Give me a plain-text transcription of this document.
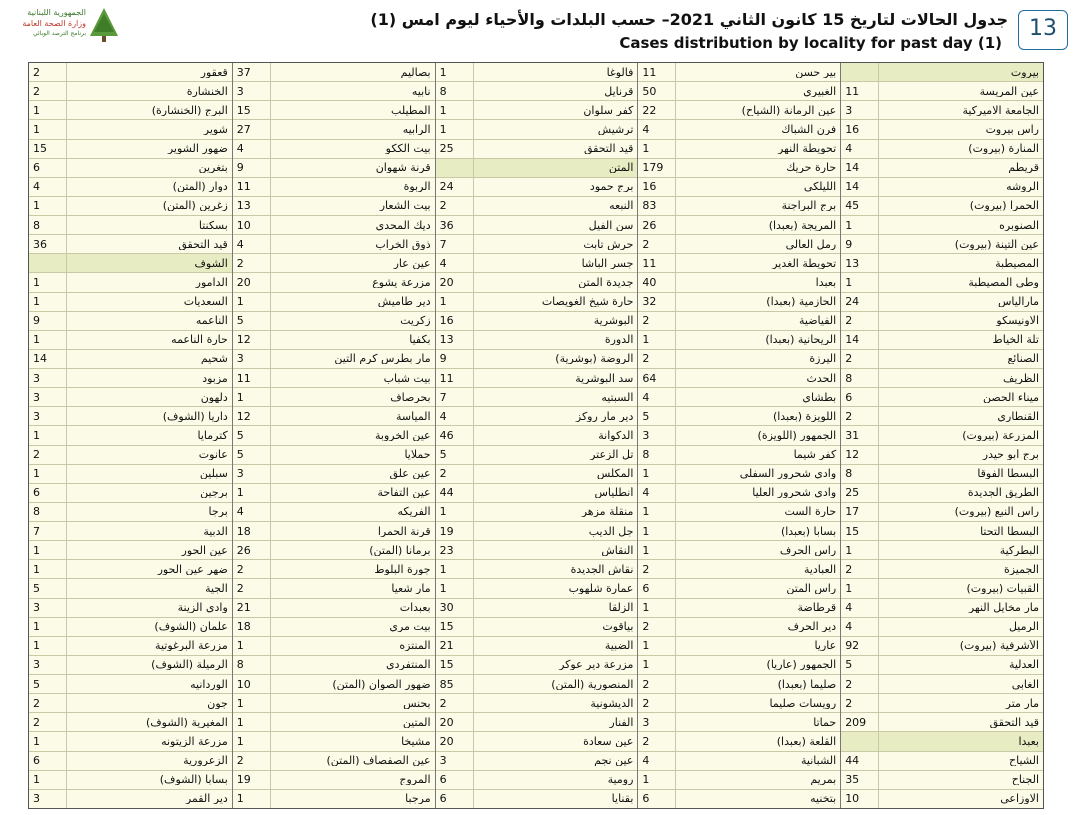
الجمهورية اللبنانية
وزارة الصحة العامة
برنامج الترصد الوبائي
جدول الحالات لتاريخ 15 كانون الثاني 2021– حسب البلدات والأحياء ليوم امس (1)
Cases distribution by locality for past day (1)
13
قعقور
2
الخنشارة
2
البرج (الخنشارة)
1
شوير
1
ضهور الشوير
15
بتغرين
6
دوار (المتن)
4
زغرين (المتن)
1
بسكنتا
8
قيد التحقق
36
الشوف
الدامور
1
السعديات
1
الناعمه
9
حارة الناعمه
1
شحيم
14
مزبود
3
دلهون
3
داريا (الشوف)
3
كترمايا
1
عانوت
2
سبلين
1
برجين
6
برجا
8
الدبية
7
عين الحور
1
ضهر عين الحور
1
الجية
5
وادي الزينة
3
علمان (الشوف)
1
مزرعة البرغوتية
1
الرميلة (الشوف)
3
الوردانيه
5
جون
2
المغيرية (الشوف)
2
مزرعة الزيتونه
1
الزعرورية
6
بسابا (الشوف)
1
دير القمر
3
بصاليم
37
نابيه
3
المطيلب
15
الرابيه
27
بيت الككو
4
قرنة شهوان
9
الربوة
11
بيت الشعار
13
ديك المحدي
10
ذوق الخراب
4
عين عار
2
مزرعة يشوع
20
دير طاميش
1
زكريت
5
بكفيا
12
مار بطرس كرم التين
3
بيت شباب
11
بحرصاف
1
المياسة
12
عين الخروبة
5
حملايا
5
عين علق
3
عين التفاحة
1
الفريكه
4
قرنة الحمرا
18
برمانا (المتن)
26
جورة البلوط
2
مار شعيا
2
بعبدات
21
بيت مري
18
المنتزه
1
المنتفردي
8
ضهور الصوان (المتن)
10
بحنس
1
المتين
1
مشيخا
1
عين الصفصاف (المتن)
2
المروج
19
مرجبا
1
فالوغا
1
قرنايل
8
كفر سلوان
1
ترشيش
1
قيد التحقق
25
المتن
برج حمود
24
النبعه
2
سن الفيل
36
حرش تابت
7
جسر الباشا
4
جديدة المتن
20
حارة شيخ الغويصات
1
البوشرية
16
الدورة
13
الروضة (بوشرية)
9
سد البوشرية
11
السبتيه
7
دير مار روكز
4
الدكوانة
46
تل الزعتر
5
المكلس
2
أنطلياس
44
منقلة مزهر
1
جل الديب
19
النقاش
23
نقاش الجديدة
1
عمارة شلهوب
1
الزلقا
30
بياقوت
15
الضبية
21
مزرعة دير عوكر
15
المنصورية (المتن)
85
الديشونية
2
الفنار
20
عين سعادة
20
عين نجم
3
رومية
6
بقنايا
6
بير حسن
11
الغبيري
50
عين الرمانة (الشياح)
22
فرن الشباك
4
تحويطة النهر
1
حارة حريك
179
الليلكي
16
برج البراجنة
83
المريجة (بعبدا)
26
رمل العالي
2
تحويطة الغدير
11
بعبدا
40
الحازمية (بعبدا)
32
الفياضية
2
الريحانية (بعبدا)
1
اليرزة
2
الحدث
64
بطشاي
4
اللويزة (بعبدا)
5
الجمهور (اللويزة)
3
كفر شيما
8
وادي شحرور السفلى
1
وادي شحرور العليا
4
حارة الست
1
بسابا (بعبدا)
1
راس الحرف
1
العبادية
2
راس المتن
6
قرطاضة
1
دير الحرف
2
عاريا
1
الجمهور (عاريا)
1
صليما (بعبدا)
2
رويسات صليما
2
حماتا
3
القلعة (بعبدا)
2
الشبانية
4
بمريم
1
بتخنيه
6
بيروت
عين المريسة
11
الجامعة الاميركية
3
راس بيروت
16
المنارة (بيروت)
4
قريطم
14
الروشه
14
الحمرا (بيروت)
45
الصنوبره
1
عين التينة (بيروت)
9
المصيطبة
13
وطى المصيطبة
1
مارالياس
24
الاونيسكو
2
تلة الخياط
14
الصنائع
2
الظريف
8
ميناء الحصن
6
القنطاري
2
المزرعة (بيروت)
31
برج أبو حيدر
12
البسطا الفوقا
8
الطريق الجديدة
25
راس النبع (بيروت)
17
البسطا التحتا
15
البطركية
1
الجميزة
2
القبيات (بيروت)
1
مار مخايل النهر
4
الرميل
4
الأشرفية (بيروت)
92
العدلية
5
الغابي
2
مار متر
2
قيد التحقق
209
بعبدا
الشياح
44
الجناح
35
الاوزاعي
10
